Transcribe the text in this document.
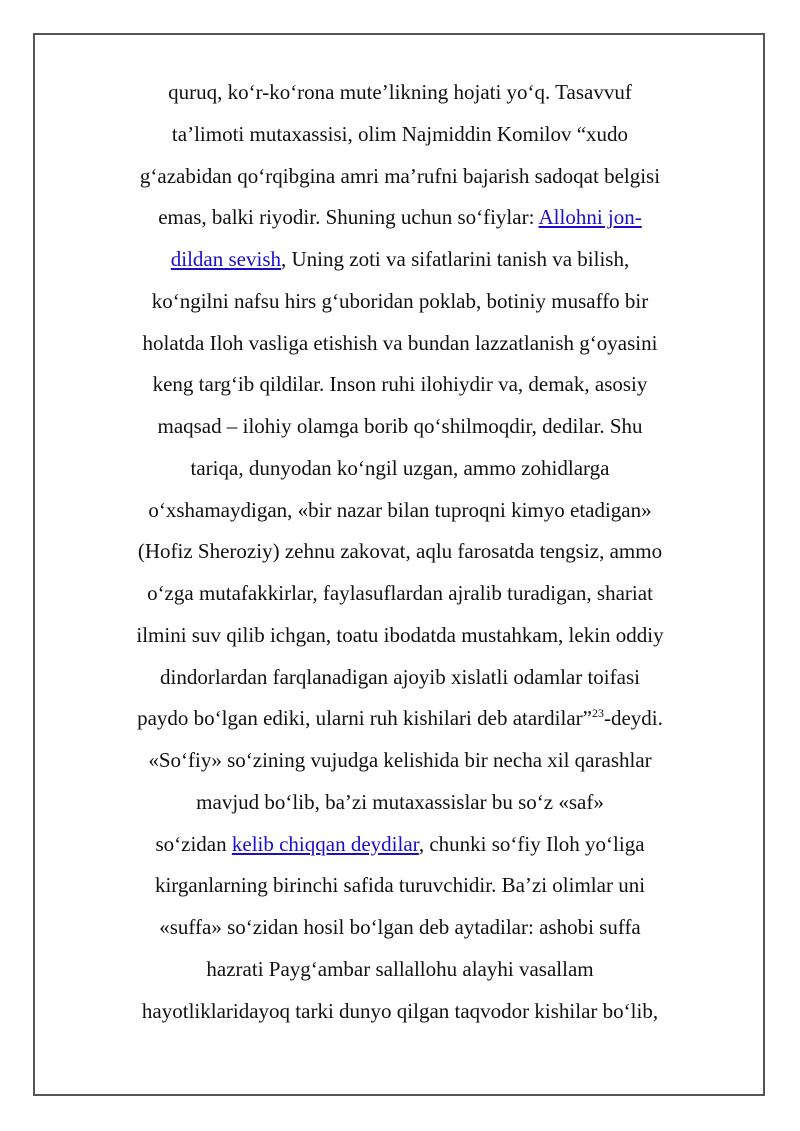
quruq, koʻr-koʻrona muteʼlikning hojati yoʻq. Tasavvuf
taʼlimoti mutaxassisi, olim Najmiddin Komilov “xudo
gʻazabidan qoʻrqibgina amri maʼrufni bajarish sadoqat belgisi
emas, balki riyodir. Shuning uchun soʻfiylar: Allohni jon-
dildan sevish, Uning zoti va sifatlarini tanish va bilish,
koʻngilni nafsu hirs gʻuboridan poklab, botiniy musaffo bir
holatda Iloh vasliga etishish va bundan lazzatlanish gʻoyasini
keng targʻib qildilar. Inson ruhi ilohiydir va, demak, asosiy
maqsad – ilohiy olamga borib qoʻshilmoqdir, dedilar. Shu
tariqa, dunyodan koʻngil uzgan, ammo zohidlarga
oʻxshamaydigan, «bir nazar bilan tuproqni kimyo etadigan»
(Hofiz Sheroziy) zehnu zakovat, aqlu farosatda tengsiz, ammo
oʻzga mutafakkirlar, faylasuflardan ajralib turadigan, shariat
ilmini suv qilib ichgan, toatu ibodatda mustahkam, lekin oddiy
dindorlardan farqlanadigan ajoyib xislatli odamlar toifasi
paydo boʻlgan ediki, ularni ruh kishilari deb atardilar”$^{23}$-deydi.
«Soʻfiy» soʻzining vujudga kelishida bir necha xil qarashlar
mavjud boʻlib, baʼzi mutaxassislar bu soʻz «saf»
soʻzidan kelib chiqqan deydilar, chunki soʻfiy Iloh yoʻliga
kirganlarning birinchi safida turuvchidir. Baʼzi olimlar uni
«suffa» soʻzidan hosil boʻlgan deb aytadilar: ashobi suffa
hazrati Paygʻambar sallallohu alayhi vasallam
hayotliklaridayoq tarki dunyo qilgan taqvodor kishilar boʻlib,
